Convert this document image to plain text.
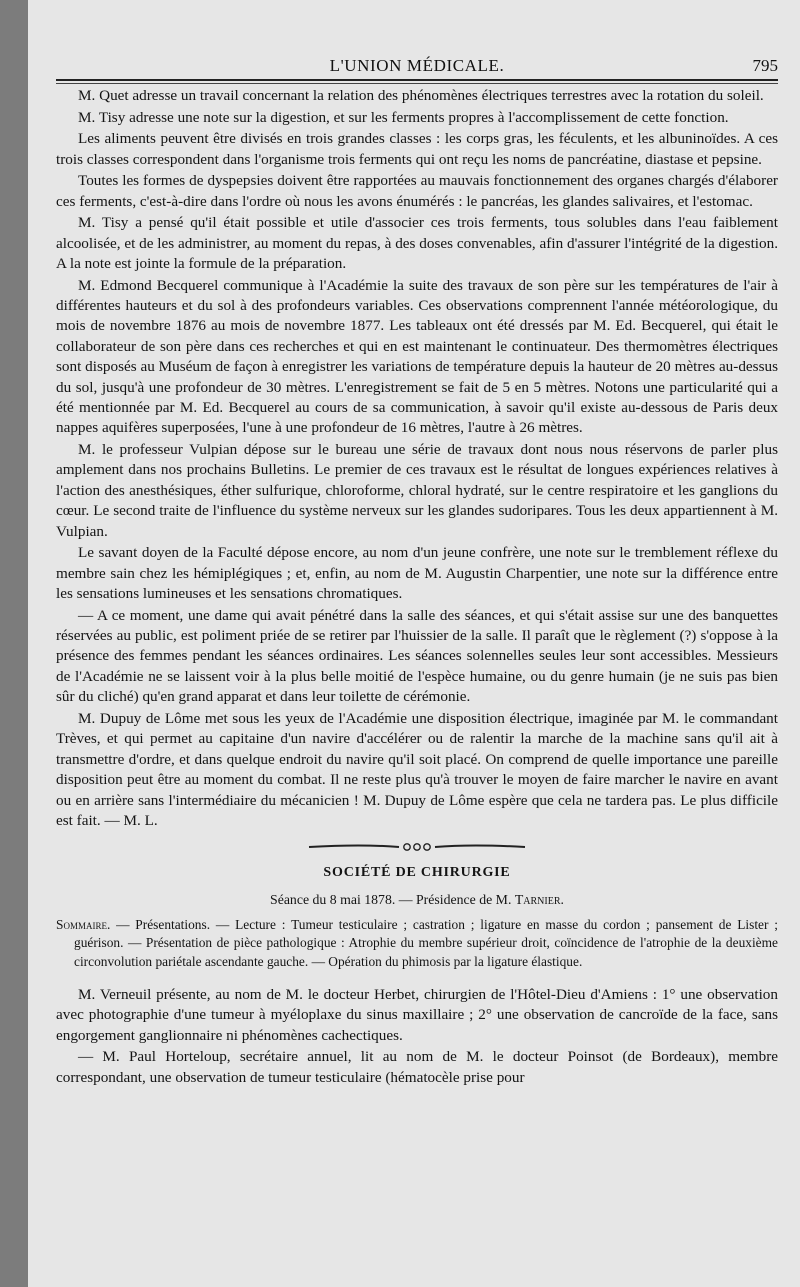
L'UNION MÉDICALE.	795

M. Quet adresse un travail concernant la relation des phénomènes électriques terrestres avec la rotation du soleil.

M. Tisy adresse une note sur la digestion, et sur les ferments propres à l'accomplissement de cette fonction.

Les aliments peuvent être divisés en trois grandes classes : les corps gras, les féculents, et les albuninoïdes. A ces trois classes correspondent dans l'organisme trois ferments qui ont reçu les noms de pancréatine, diastase et pepsine.

Toutes les formes de dyspepsies doivent être rapportées au mauvais fonctionnement des organes chargés d'élaborer ces ferments, c'est-à-dire dans l'ordre où nous les avons énumérés : le pancréas, les glandes salivaires, et l'estomac.

M. Tisy a pensé qu'il était possible et utile d'associer ces trois ferments, tous solubles dans l'eau faiblement alcoolisée, et de les administrer, au moment du repas, à des doses convenables, afin d'assurer l'intégrité de la digestion. A la note est jointe la formule de la préparation.

M. Edmond Becquerel communique à l'Académie la suite des travaux de son père sur les températures de l'air à différentes hauteurs et du sol à des profondeurs variables. Ces observations comprennent l'année météorologique, du mois de novembre 1876 au mois de novembre 1877. Les tableaux ont été dressés par M. Ed. Becquerel, qui était le collaborateur de son père dans ces recherches et qui en est maintenant le continuateur. Des thermomètres électriques sont disposés au Muséum de façon à enregistrer les variations de température depuis la hauteur de 20 mètres au-dessus du sol, jusqu'à une profondeur de 30 mètres. L'enregistrement se fait de 5 en 5 mètres. Notons une particularité qui a été mentionnée par M. Ed. Becquerel au cours de sa communication, à savoir qu'il existe au-dessous de Paris deux nappes aquifères superposées, l'une à une profondeur de 16 mètres, l'autre à 26 mètres.

M. le professeur Vulpian dépose sur le bureau une série de travaux dont nous nous réservons de parler plus amplement dans nos prochains Bulletins. Le premier de ces travaux est le résultat de longues expériences relatives à l'action des anesthésiques, éther sulfurique, chloroforme, chloral hydraté, sur le centre respiratoire et les ganglions du cœur. Le second traite de l'influence du système nerveux sur les glandes sudoripares. Tous les deux appartiennent à M. Vulpian.

Le savant doyen de la Faculté dépose encore, au nom d'un jeune confrère, une note sur le tremblement réflexe du membre sain chez les hémiplégiques ; et, enfin, au nom de M. Augustin Charpentier, une note sur la différence entre les sensations lumineuses et les sensations chromatiques.

— A ce moment, une dame qui avait pénétré dans la salle des séances, et qui s'était assise sur une des banquettes réservées au public, est poliment priée de se retirer par l'huissier de la salle. Il paraît que le règlement (?) s'oppose à la présence des femmes pendant les séances ordinaires. Les séances solennelles seules leur sont accessibles. Messieurs de l'Académie ne se laissent voir à la plus belle moitié de l'espèce humaine, ou du genre humain (je ne suis pas bien sûr du cliché) qu'en grand apparat et dans leur toilette de cérémonie.

M. Dupuy de Lôme met sous les yeux de l'Académie une disposition électrique, imaginée par M. le commandant Trèves, et qui permet au capitaine d'un navire d'accélérer ou de ralentir la marche de la machine sans qu'il ait à transmettre d'ordre, et dans quelque endroit du navire qu'il soit placé. On comprend de quelle importance une pareille disposition peut être au moment du combat. Il ne reste plus qu'à trouver le moyen de faire marcher le navire en avant ou en arrière sans l'intermédiaire du mécanicien ! M. Dupuy de Lôme espère que cela ne tardera pas. Le plus difficile est fait. — M. L.

SOCIÉTÉ DE CHIRURGIE
Séance du 8 mai 1878. — Présidence de M. Tarnier.
Sommaire. — Présentations. — Lecture : Tumeur testiculaire ; castration ; ligature en masse du cordon ; pansement de Lister ; guérison. — Présentation de pièce pathologique : Atrophie du membre supérieur droit, coïncidence de l'atrophie de la deuxième circonvolution pariétale ascendante gauche. — Opération du phimosis par la ligature élastique.

M. Verneuil présente, au nom de M. le docteur Herbet, chirurgien de l'Hôtel-Dieu d'Amiens : 1° une observation avec photographie d'une tumeur à myéloplaxe du sinus maxillaire ; 2° une observation de cancroïde de la face, sans engorgement ganglionnaire ni phénomènes cachectiques.

— M. Paul Horteloup, secrétaire annuel, lit au nom de M. le docteur Poinsot (de Bordeaux), membre correspondant, une observation de tumeur testiculaire (hématocèle prise pour
